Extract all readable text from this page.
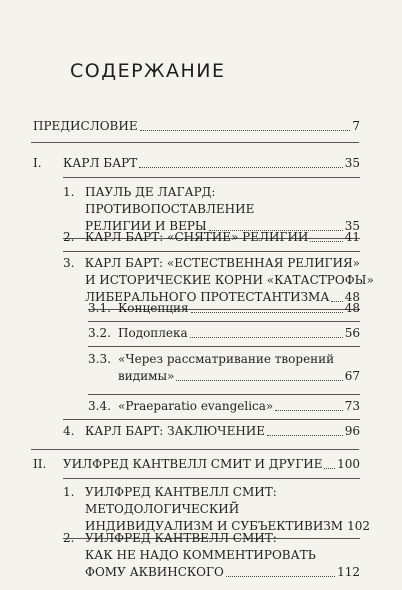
СОДЕРЖАНИЕ
ПРЕДИСЛОВИЕ	7
I.	КАРЛ БАРТ	35
1. ПАУЛЬ ДЕ ЛАГАРД:
ПРОТИВОПОСТАВЛЕНИЕ
РЕЛИГИИ И ВЕРЫ	35
2. КАРЛ БАРТ: «СНЯТИЕ» РЕЛИГИИ	41
3. КАРЛ БАРТ: «ЕСТЕСТВЕННАЯ РЕЛИГИЯ»
И ИСТОРИЧЕСКИЕ КОРНИ «КАТАСТРОФЫ»
ЛИБЕРАЛЬНОГО ПРОТЕСТАНТИЗМА 48
3.1. Концепция	48
3.2. Подоплека	56
3.3. «Через рассматривание творений
видимы»	67
3.4. «Praeparatio evangelica»	73
4. КАРЛ БАРТ: ЗАКЛЮЧЕНИЕ	96
II.	УИЛФРЕД КАНТВЕЛЛ СМИТ И ДРУГИЕ 100
1. УИЛФРЕД КАНТВЕЛЛ СМИТ:
МЕТОДОЛОГИЧЕСКИЙ
ИНДИВИДУАЛИЗМ И СУБЪЕКТИВИЗМ 102
2. УИЛФРЕД КАНТВЕЛЛ СМИТ:
КАК НЕ НАДО КОММЕНТИРОВАТЬ
ФОМУ АКВИНСКОГО	112
